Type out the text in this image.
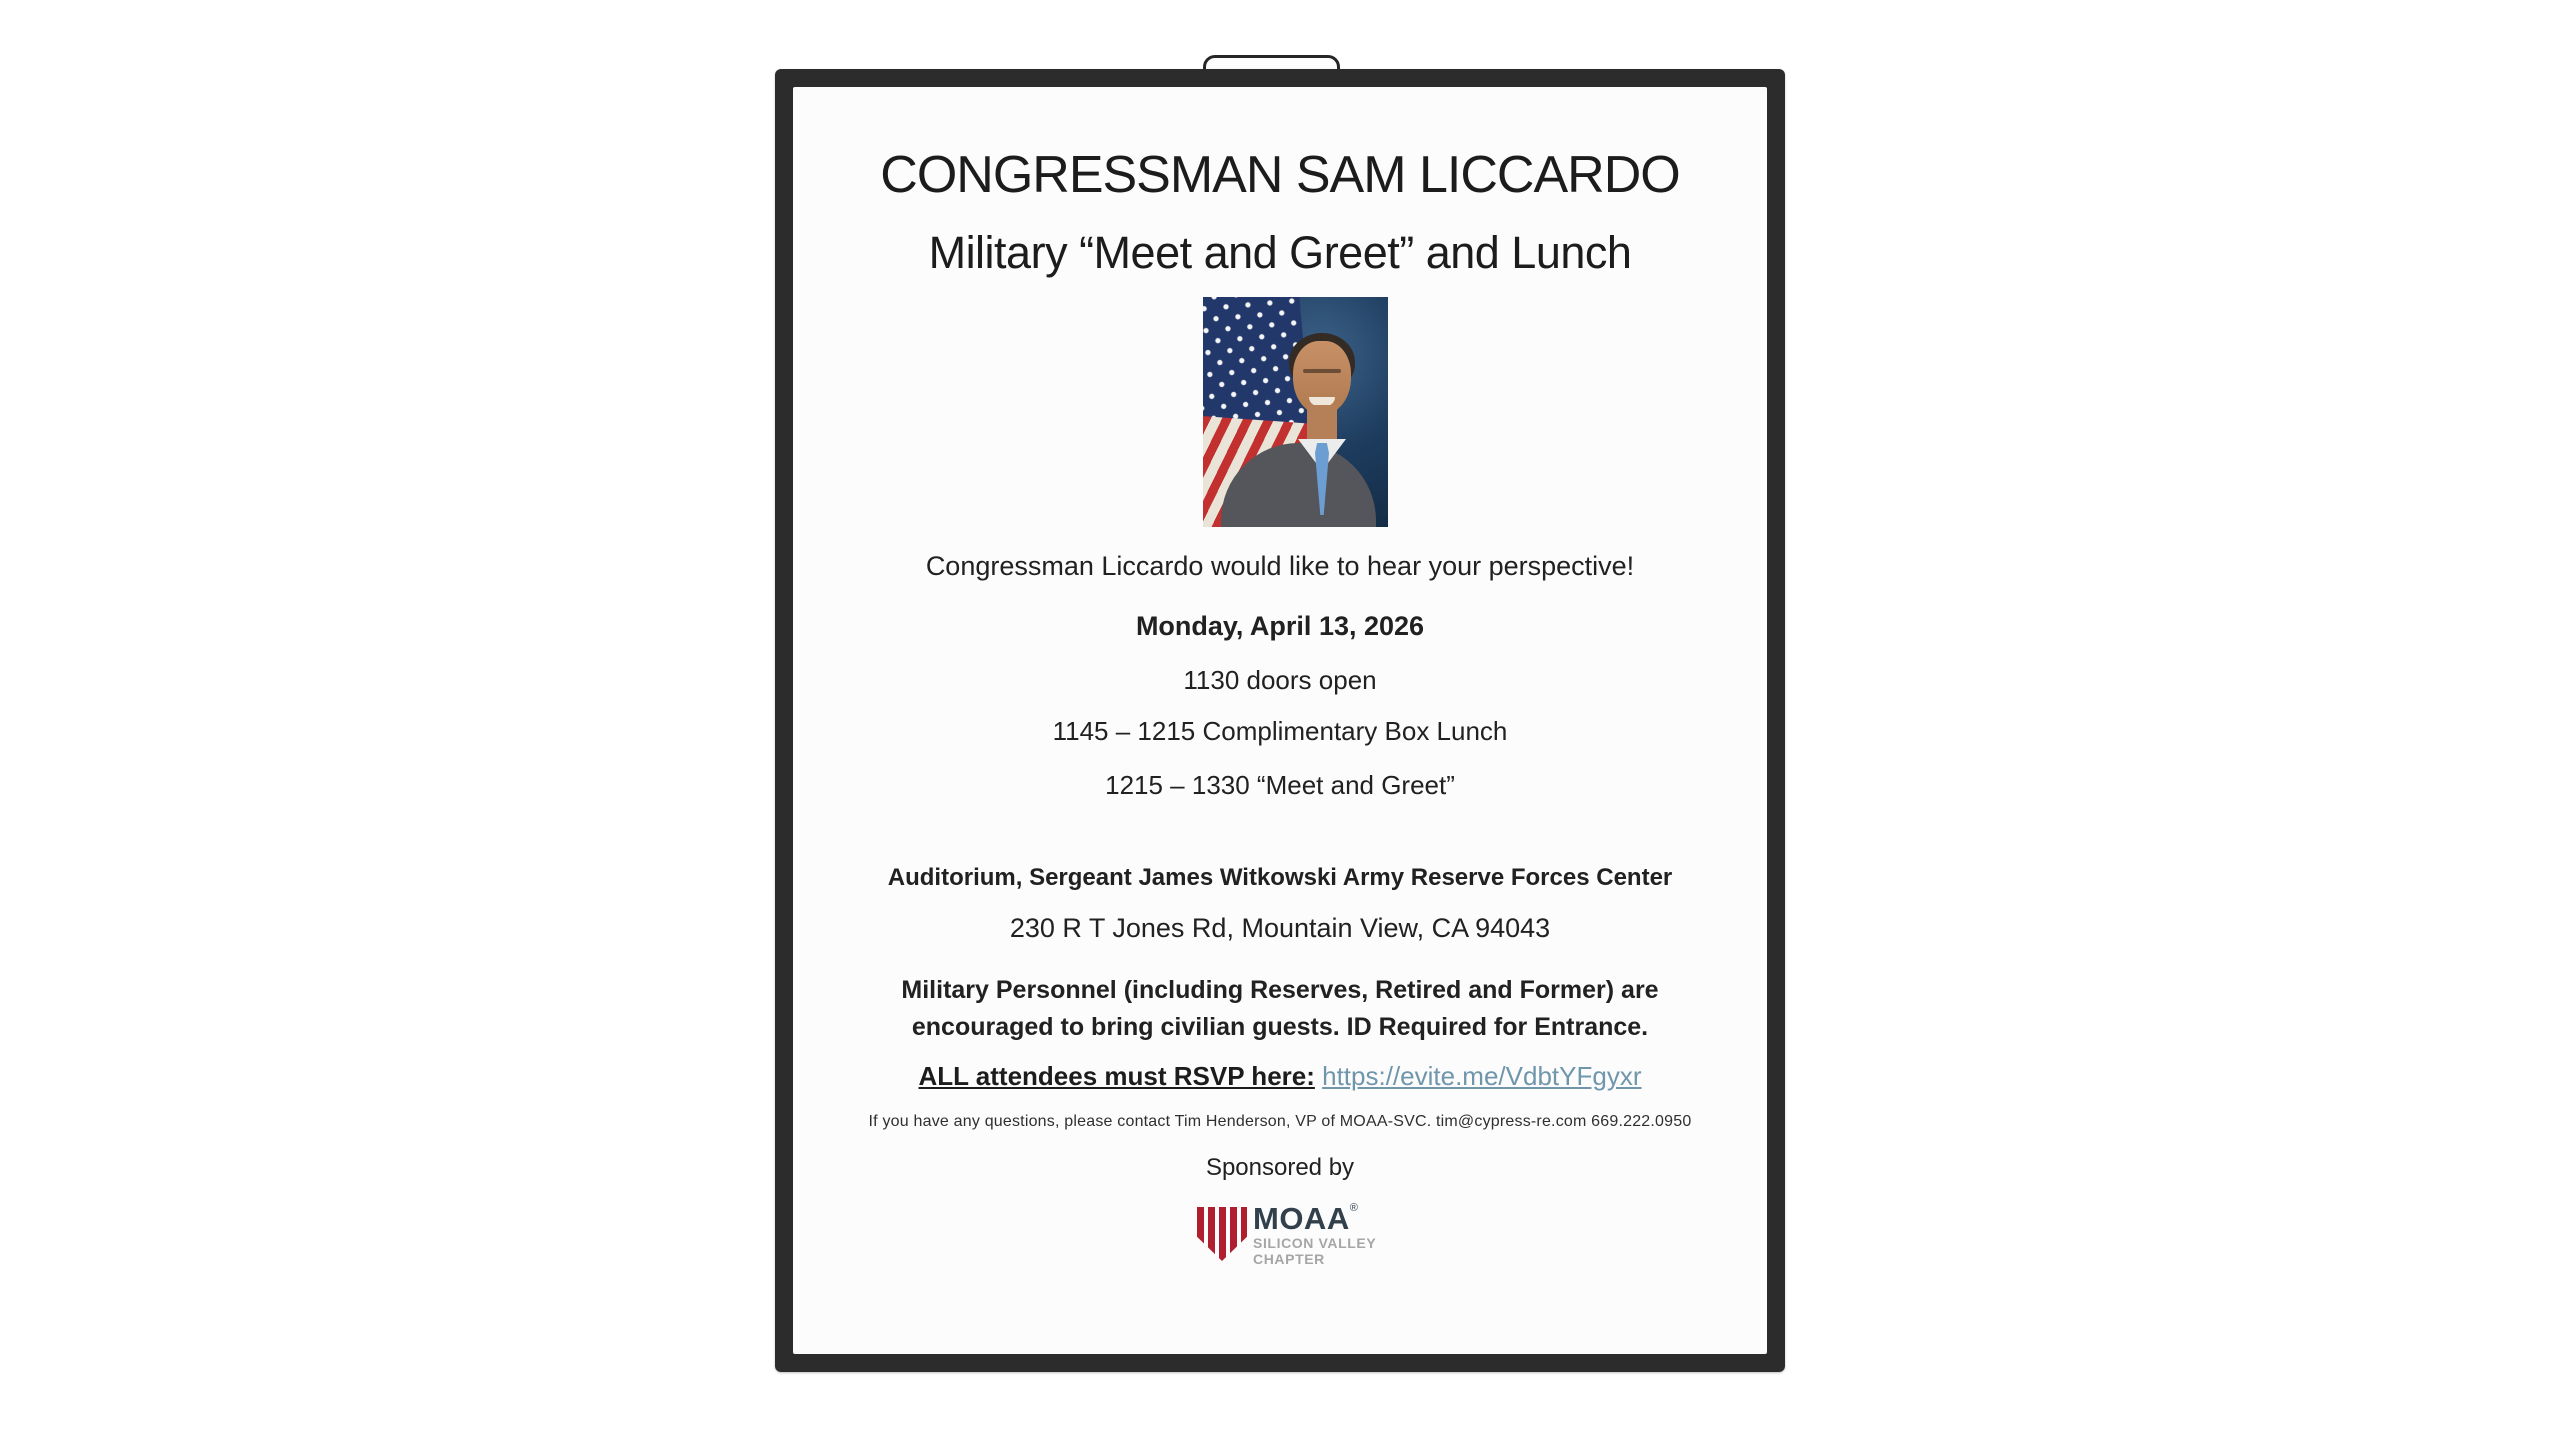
CONGRESSMAN SAM LICCARDO
Military “Meet and Greet” and Lunch
Congressman Liccardo would like to hear your perspective!
Monday, April 13, 2026
1130 doors open
1145 – 1215 Complimentary Box Lunch
1215 – 1330 “Meet and Greet”
Auditorium, Sergeant James Witkowski Army Reserve Forces Center
230 R T Jones Rd, Mountain View, CA 94043
Military Personnel (including Reserves, Retired and Former) are encouraged to bring civilian guests. ID Required for Entrance.
ALL attendees must RSVP here: https://evite.me/VdbtYFgyxr
If you have any questions, please contact Tim Henderson, VP of MOAA-SVC. tim@cypress-re.com 669.222.0950
Sponsored by
MOAA®
SILICON VALLEY
CHAPTER
